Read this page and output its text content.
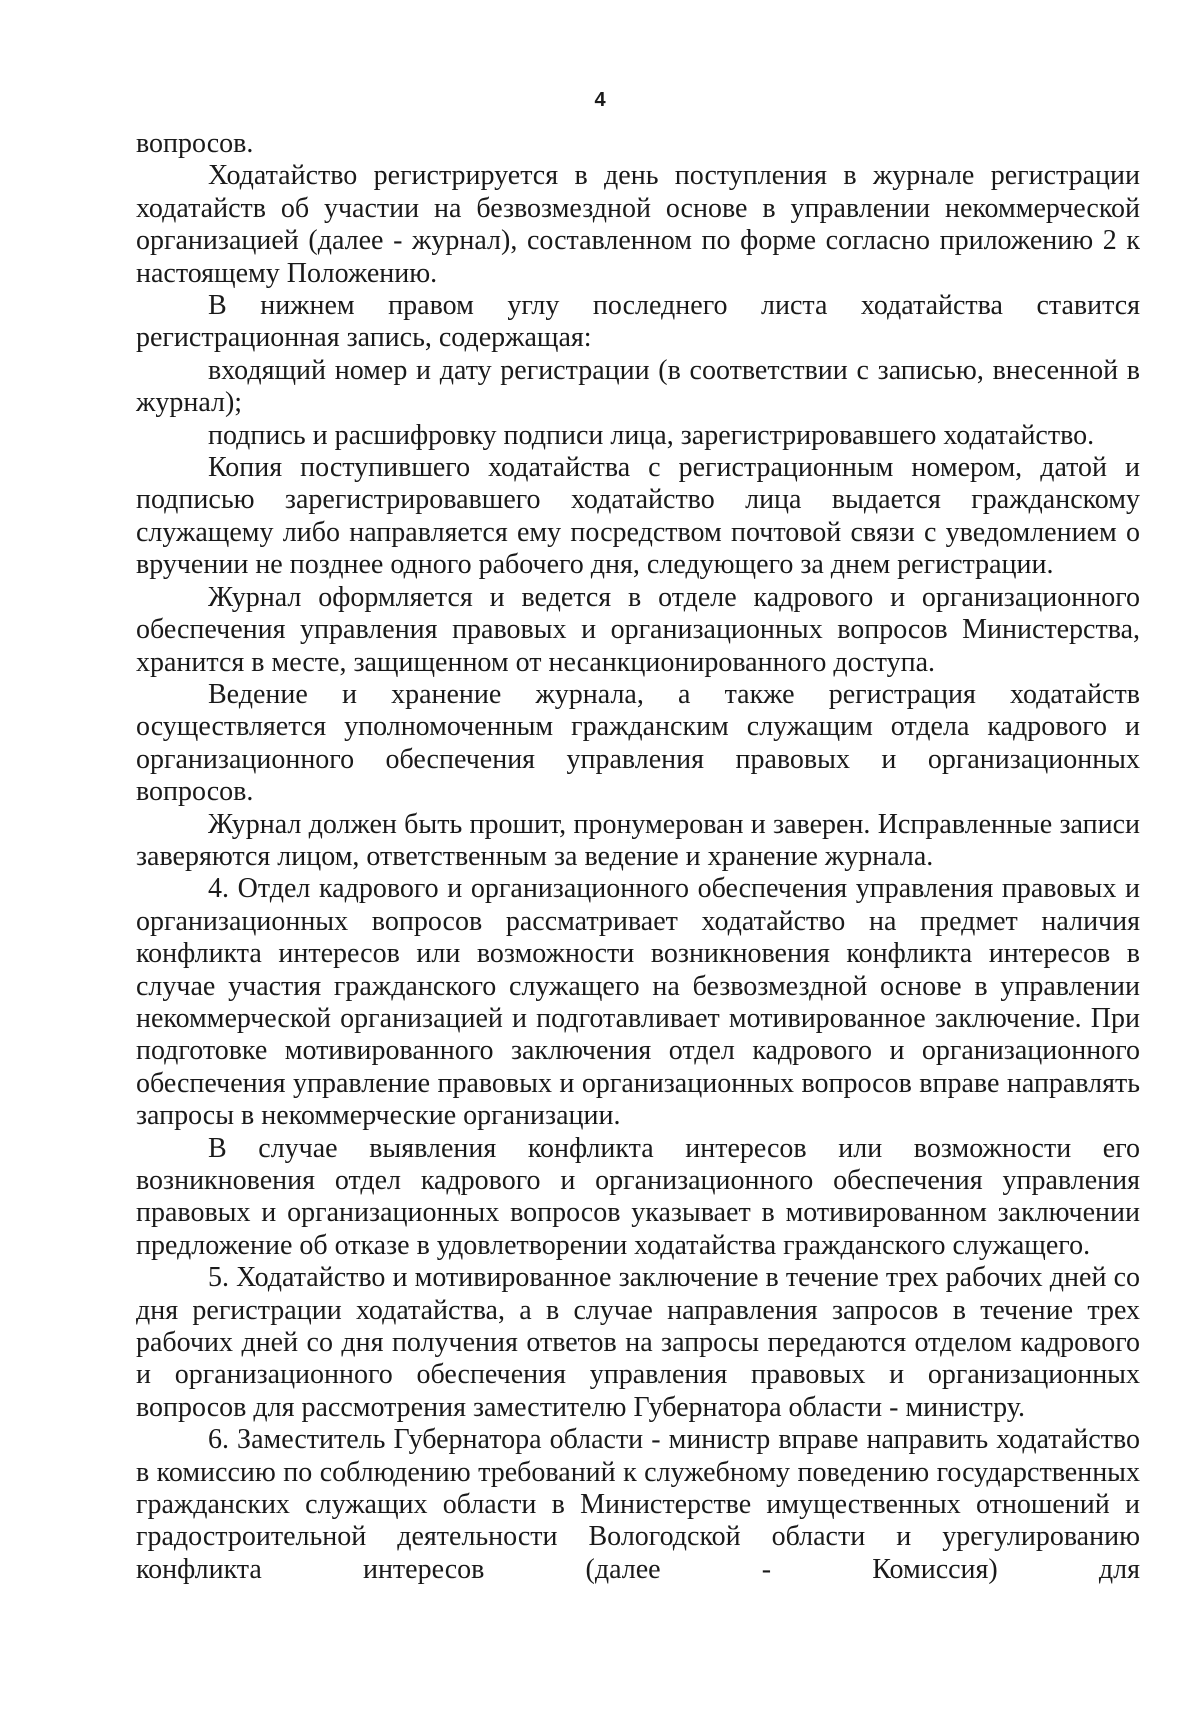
4

вопросов.

Ходатайство регистрируется в день поступления в журнале регистрации ходатайств об участии на безвозмездной основе в управлении некоммерческой организацией (далее - журнал), составленном по форме согласно приложению 2 к настоящему Положению.

В нижнем правом углу последнего листа ходатайства ставится регистрационная запись, содержащая:

входящий номер и дату регистрации (в соответствии с записью, внесенной в журнал);

подпись и расшифровку подписи лица, зарегистрировавшего ходатайство.

Копия поступившего ходатайства с регистрационным номером, датой и подписью зарегистрировавшего ходатайство лица выдается гражданскому служащему либо направляется ему посредством почтовой связи с уведомлением о вручении не позднее одного рабочего дня, следующего за днем регистрации.

Журнал оформляется и ведется в отделе кадрового и организационного обеспечения управления правовых и организационных вопросов Министерства, хранится в месте, защищенном от несанкционированного доступа.

Ведение и хранение журнала, а также регистрация ходатайств осуществляется уполномоченным гражданским служащим отдела кадрового и организационного обеспечения управления правовых и организационных вопросов.

Журнал должен быть прошит, пронумерован и заверен. Исправленные записи заверяются лицом, ответственным за ведение и хранение журнала.

4. Отдел кадрового и организационного обеспечения управления правовых и организационных вопросов рассматривает ходатайство на предмет наличия конфликта интересов или возможности возникновения конфликта интересов в случае участия гражданского служащего на безвозмездной основе в управлении некоммерческой организацией и подготавливает мотивированное заключение. При подготовке мотивированного заключения отдел кадрового и организационного обеспечения управление правовых и организационных вопросов вправе направлять запросы в некоммерческие организации.

В случае выявления конфликта интересов или возможности его возникновения отдел кадрового и организационного обеспечения управления правовых и организационных вопросов указывает в мотивированном заключении предложение об отказе в удовлетворении ходатайства гражданского служащего.

5. Ходатайство и мотивированное заключение в течение трех рабочих дней со дня регистрации ходатайства, а в случае направления запросов в течение трех рабочих дней со дня получения ответов на запросы передаются отделом кадрового и организационного обеспечения управления правовых и организационных вопросов для рассмотрения заместителю Губернатора области - министру.

6. Заместитель Губернатора области - министр вправе направить ходатайство в комиссию по соблюдению требований к служебному поведению государственных гражданских служащих области в Министерстве имущественных отношений и градостроительной деятельности Вологодской области и урегулированию конфликта интересов (далее - Комиссия) для
